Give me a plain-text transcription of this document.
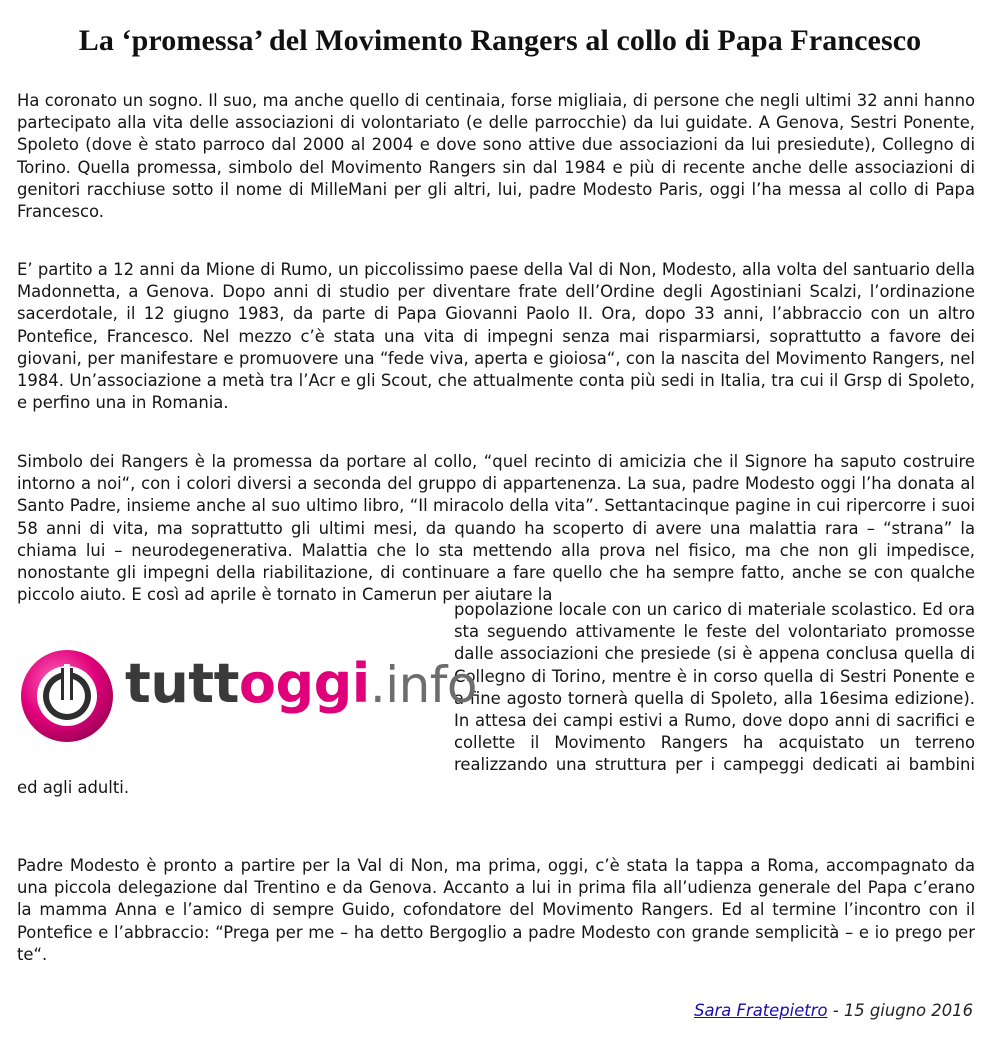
La ‘promessa’ del Movimento Rangers al collo di Papa Francesco

Ha coronato un sogno. Il suo, ma anche quello di centinaia, forse migliaia, di persone che negli ultimi 32 anni hanno partecipato alla vita delle associazioni di volontariato (e delle parrocchie) da lui guidate. A Genova, Sestri Ponente, Spoleto (dove è stato parroco dal 2000 al 2004 e dove sono attive due associazioni da lui presiedute), Collegno di Torino. Quella promessa, simbolo del Movimento Rangers sin dal 1984 e più di recente anche delle associazioni di genitori racchiuse sotto il nome di MilleMani per gli altri, lui, padre Modesto Paris, oggi l’ha messa al collo di Papa Francesco.

E’ partito a 12 anni da Mione di Rumo, un piccolissimo paese della Val di Non, Modesto, alla volta del santuario della Madonnetta, a Genova. Dopo anni di studio per diventare frate dell’Ordine degli Agostiniani Scalzi, l’ordinazione sacerdotale, il 12 giugno 1983, da parte di Papa Giovanni Paolo II. Ora, dopo 33 anni, l’abbraccio con un altro Pontefice, Francesco. Nel mezzo c’è stata una vita di impegni senza mai risparmiarsi, soprattutto a favore dei giovani, per manifestare e promuovere una “fede viva, aperta e gioiosa“, con la nascita del Movimento Rangers, nel 1984. Un’associazione a metà tra l’Acr e gli Scout, che attualmente conta più sedi in Italia, tra cui il Grsp di Spoleto, e perfino una in Romania.

Simbolo dei Rangers è la promessa da portare al collo, “quel recinto di amicizia che il Signore ha saputo costruire intorno a noi“, con i colori diversi a seconda del gruppo di appartenenza. La sua, padre Modesto oggi l’ha donata al Santo Padre, insieme anche al suo ultimo libro, “Il miracolo della vita”. Settantacinque pagine in cui ripercorre i suoi 58 anni di vita, ma soprattutto gli ultimi mesi, da quando ha scoperto di avere una malattia rara – “strana” la chiama lui – neurodegenerativa. Malattia che lo sta mettendo alla prova nel fisico, ma che non gli impedisce, nonostante gli impegni della riabilitazione, di continuare a fare quello che ha sempre fatto, anche se con qualche piccolo aiuto. E così ad aprile è tornato in Camerun per aiutare la

tuttoggi.info

popolazione locale con un carico di materiale scolastico. Ed ora sta seguendo attivamente le feste del volontariato promosse dalle associazioni che presiede (si è appena conclusa quella di Collegno di Torino, mentre è in corso quella di Sestri Ponente e a fine agosto tornerà quella di Spoleto, alla 16esima edizione). In attesa dei campi estivi a Rumo, dove dopo anni di sacrifici e collette il Movimento Rangers ha acquistato un terreno realizzando una struttura per i campeggi dedicati ai bambini ed agli adulti.

Padre Modesto è pronto a partire per la Val di Non, ma prima, oggi, c’è stata la tappa a Roma, accompagnato da una piccola delegazione dal Trentino e da Genova. Accanto a lui in prima fila all’udienza generale del Papa c’erano la mamma Anna e l’amico di sempre Guido, cofondatore del Movimento Rangers. Ed al termine l’incontro con il Pontefice e l’abbraccio: “Prega per me – ha detto Bergoglio a padre Modesto con grande semplicità – e io prego per te“.

Sara Fratepietro - 15 giugno 2016
